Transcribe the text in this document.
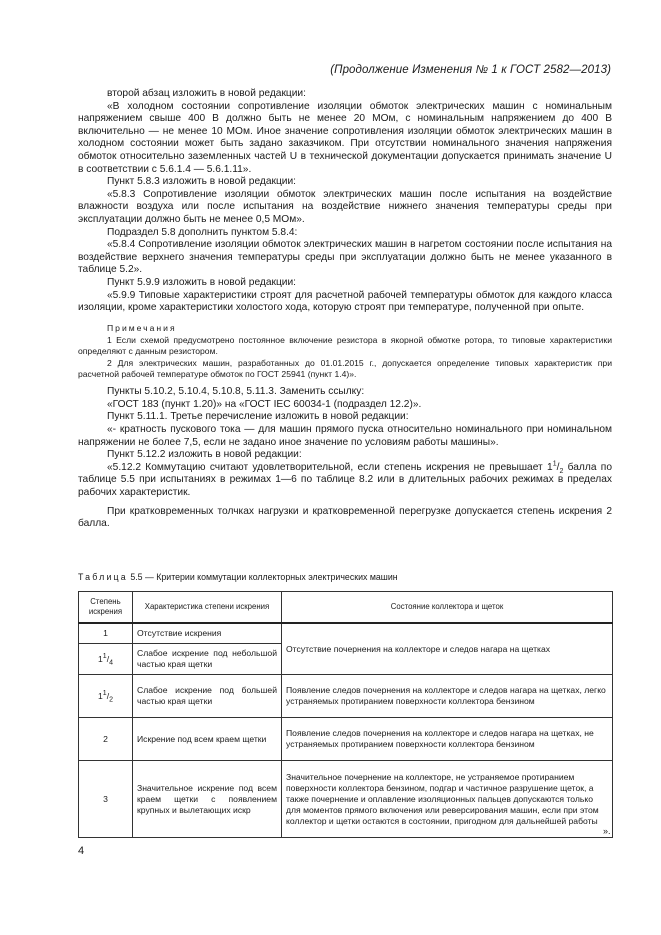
(Продолжение Изменения № 1 к ГОСТ 2582—2013)

второй абзац изложить в новой редакции:

«В холодном состоянии сопротивление изоляции обмоток электрических машин с номинальным напряжением свыше 400 В должно быть не менее 20 МОм, с номинальным напряжением до 400 В включительно — не менее 10 МОм. Иное значение сопротивления изоляции обмоток электрических машин в холодном состоянии может быть задано заказчиком. При отсутствии номинального значения напряжения обмоток относительно заземленных частей U в технической документации допускается принимать значение U в соответствии с 5.6.1.4 — 5.6.1.11».

Пункт 5.8.3 изложить в новой редакции:

«5.8.3 Сопротивление изоляции обмоток электрических машин после испытания на воздействие влажности воздуха или после испытания на воздействие нижнего значения температуры среды при эксплуатации должно быть не менее 0,5 МОм».

Подраздел 5.8 дополнить пунктом 5.8.4:

«5.8.4 Сопротивление изоляции обмоток электрических машин в нагретом состоянии после испытания на воздействие верхнего значения температуры среды при эксплуатации должно быть не менее указанного в таблице 5.2».

Пункт 5.9.9 изложить в новой редакции:

«5.9.9 Типовые характеристики строят для расчетной рабочей температуры обмоток для каждого класса изоляции, кроме характеристики холостого хода, которую строят при температуре, полученной при опыте.

Примечания

1 Если схемой предусмотрено постоянное включение резистора в якорной обмотке ротора, то типовые характеристики определяют с данным резистором.

2 Для электрических машин, разработанных до 01.01.2015 г., допускается определение типовых характеристик при расчетной рабочей температуре обмоток по ГОСТ 25941 (пункт 1.4)».

Пункты 5.10.2, 5.10.4, 5.10.8, 5.11.3. Заменить ссылку:

«ГОСТ 183 (пункт 1.20)» на «ГОСТ IEC 60034-1 (подраздел 12.2)».

Пункт 5.11.1. Третье перечисление изложить в новой редакции:

«- кратность пускового тока — для машин прямого пуска относительно номинального при номинальном напряжении не более 7,5, если не задано иное значение по условиям работы машины».

Пункт 5.12.2 изложить в новой редакции:

«5.12.2 Коммутацию считают удовлетворительной, если степень искрения не превышает $1^1/_2$ балла по таблице 5.5 при испытаниях в режимах 1—6 по таблице 8.2 или в длительных рабочих режимах в пределах рабочих характеристик.

При кратковременных толчках нагрузки и кратковременной перегрузке допускается степень искрения 2 балла.

Таблица 5.5 — Критерии коммутации коллекторных электрических машин
Степень искрения	Характеристика степени искрения	Состояние коллектора и щеток
1	Отсутствие искрения	Отсутствие почернения на коллекторе и следов нагара на щетках
$1^1/_4$	Слабое искрение под небольшой частью края щетки	

$1^1/_2$	Слабое искрение под большей частью края щетки	Появление следов почернения на коллекторе и следов нагара на щетках, легко устраняемых протиранием поверхности коллектора бензином
2	Искрение под всем краем щетки	Появление следов почернения на коллекторе и следов нагара на щетках, не устраняемых протиранием поверхности коллектора бензином
3	Значительное искрение под всем краем щетки с появлением крупных и вылетающих искр	Значительное почернение на коллекторе, не устраняемое протиранием поверхности коллектора бензином, подгар и частичное разрушение щеток, а также почернение и оплавление изоляционных пальцев допускаются только для моментов прямого включения или реверсирования машин, если при этом коллектор и щетки остаются в состоянии, пригодном для дальнейшей работы
».
4
